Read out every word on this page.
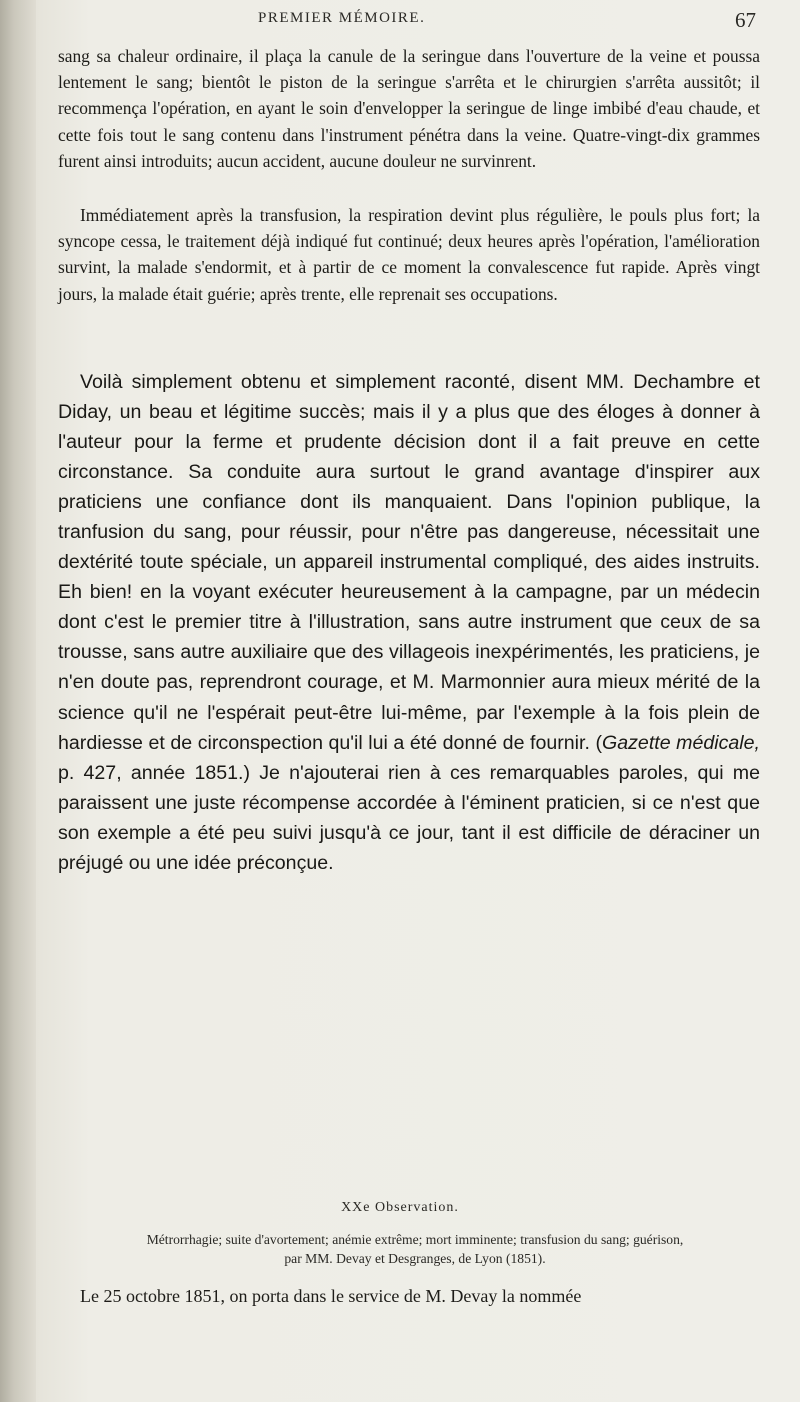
PREMIER MÉMOIRE.	67

sang sa chaleur ordinaire, il plaça la canule de la seringue dans l'ouverture de la veine et poussa lentement le sang; bientôt le piston de la seringue s'arrêta et le chirurgien s'arrêta aussitôt; il recommença l'opération, en ayant le soin d'envelopper la seringue de linge imbibé d'eau chaude, et cette fois tout le sang contenu dans l'instrument pénétra dans la veine. Quatre-vingt-dix grammes furent ainsi introduits; aucun accident, aucune douleur ne survinrent.

Immédiatement après la transfusion, la respiration devint plus régulière, le pouls plus fort; la syncope cessa, le traitement déjà indiqué fut continué; deux heures après l'opération, l'amélioration survint, la malade s'endormit, et à partir de ce moment la convalescence fut rapide. Après vingt jours, la malade était guérie; après trente, elle reprenait ses occupations.

Voilà simplement obtenu et simplement raconté, disent MM. Dechambre et Diday, un beau et légitime succès; mais il y a plus que des éloges à donner à l'auteur pour la ferme et prudente décision dont il a fait preuve en cette circonstance. Sa conduite aura surtout le grand avantage d'inspirer aux praticiens une confiance dont ils manquaient. Dans l'opinion publique, la tranfusion du sang, pour réussir, pour n'être pas dangereuse, nécessitait une dextérité toute spéciale, un appareil instrumental compliqué, des aides instruits. Eh bien! en la voyant exécuter heureusement à la campagne, par un médecin dont c'est le premier titre à l'illustration, sans autre instrument que ceux de sa trousse, sans autre auxiliaire que des villageois inexpérimentés, les praticiens, je n'en doute pas, reprendront courage, et M. Marmonnier aura mieux mérité de la science qu'il ne l'espérait peut-être lui-même, par l'exemple à la fois plein de hardiesse et de circonspection qu'il lui a été donné de fournir. (Gazette médicale, p. 427, année 1851.) Je n'ajouterai rien à ces remarquables paroles, qui me paraissent une juste récompense accordée à l'éminent praticien, si ce n'est que son exemple a été peu suivi jusqu'à ce jour, tant il est difficile de déraciner un préjugé ou une idée préconçue.

XXe Observation.
Métrorrhagie; suite d'avortement; anémie extrême; mort imminente; transfusion du sang; guérison,
par MM. Devay et Desgranges, de Lyon (1851).
Le 25 octobre 1851, on porta dans le service de M. Devay la nommée
